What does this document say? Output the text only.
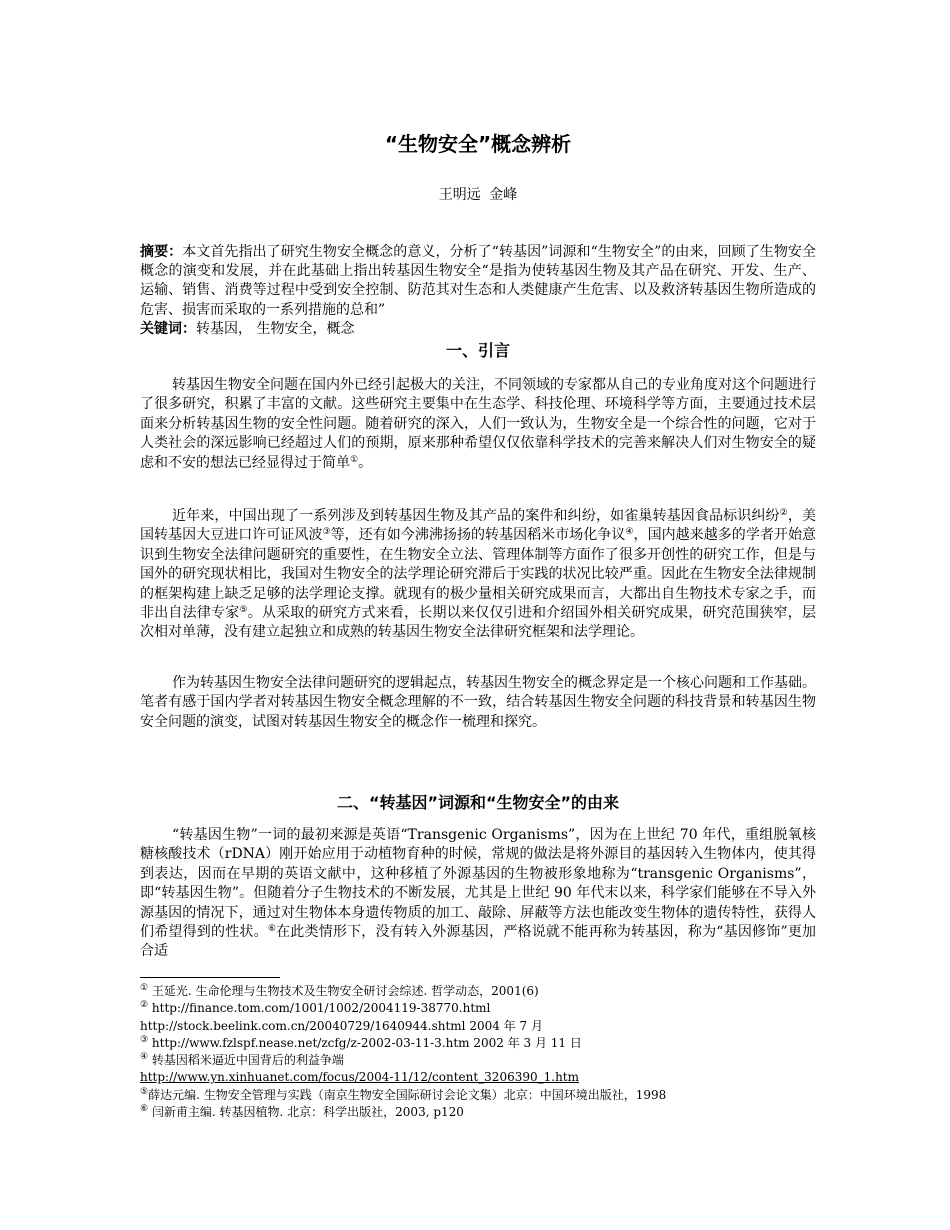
“生物安全”概念辨析
王明远 金峰

摘要：本文首先指出了研究生物安全概念的意义，分析了“转基因”词源和“生物安全”的由来，回顾了生物安全概念的演变和发展，并在此基础上指出转基因生物安全“是指为使转基因生物及其产品在研究、开发、生产、运输、销售、消费等过程中受到安全控制、防范其对生态和人类健康产生危害、以及救济转基因生物所造成的危害、损害而采取的一系列措施的总和”

关键词：转基因， 生物安全，概念

一、引言

转基因生物安全问题在国内外已经引起极大的关注，不同领域的专家都从自己的专业角度对这个问题进行了很多研究，积累了丰富的文献。这些研究主要集中在生态学、科技伦理、环境科学等方面，主要通过技术层面来分析转基因生物的安全性问题。随着研究的深入，人们一致认为，生物安全是一个综合性的问题，它对于人类社会的深远影响已经超过人们的预期，原来那种希望仅仅依靠科学技术的完善来解决人们对生物安全的疑虑和不安的想法已经显得过于简单①。

近年来，中国出现了一系列涉及到转基因生物及其产品的案件和纠纷，如雀巢转基因食品标识纠纷②，美国转基因大豆进口许可证风波③等，还有如今沸沸扬扬的转基因稻米市场化争议④，国内越来越多的学者开始意识到生物安全法律问题研究的重要性，在生物安全立法、管理体制等方面作了很多开创性的研究工作，但是与国外的研究现状相比，我国对生物安全的法学理论研究滞后于实践的状况比较严重。因此在生物安全法律规制的框架构建上缺乏足够的法学理论支撑。就现有的极少量相关研究成果而言，大都出自生物技术专家之手，而非出自法律专家⑤。从采取的研究方式来看，长期以来仅仅引进和介绍国外相关研究成果，研究范围狭窄，层次相对单薄，没有建立起独立和成熟的转基因生物安全法律研究框架和法学理论。

作为转基因生物安全法律问题研究的逻辑起点，转基因生物安全的概念界定是一个核心问题和工作基础。笔者有感于国内学者对转基因生物安全概念理解的不一致，结合转基因生物安全问题的科技背景和转基因生物安全问题的演变，试图对转基因生物安全的概念作一梳理和探究。

二、“转基因”词源和“生物安全”的由来

“转基因生物”一词的最初来源是英语“Transgenic Organisms”，因为在上世纪 70 年代，重组脱氧核糖核酸技术（rDNA）刚开始应用于动植物育种的时候，常规的做法是将外源目的基因转入生物体内，使其得到表达，因而在早期的英语文献中，这种移植了外源基因的生物被形象地称为“transgenic Organisms”，即“转基因生物”。但随着分子生物技术的不断发展，尤其是上世纪 90 年代末以来，科学家们能够在不导入外源基因的情况下，通过对生物体本身遗传物质的加工、敲除、屏蔽等方法也能改变生物体的遗传特性，获得人们希望得到的性状。⑥在此类情形下，没有转入外源基因，严格说就不能再称为转基因，称为“基因修饰”更加合适

① 王延光. 生命伦理与生物技术及生物安全研讨会综述. 哲学动态，2001(6)

② http://finance.tom.com/1001/1002/2004119-38770.html

http://stock.beelink.com.cn/20040729/1640944.shtml 2004 年 7 月

③ http://www.fzlspf.nease.net/zcfg/z-2002-03-11-3.htm 2002 年 3 月 11 日

④ 转基因稻米逼近中国背后的利益争端

http://www.yn.xinhuanet.com/focus/2004-11/12/content_3206390_1.htm

⑤薛达元编. 生物安全管理与实践（南京生物安全国际研讨会论文集）北京：中国环境出版社，1998

⑥ 闫新甫主编. 转基因植物. 北京：科学出版社，2003, p120
